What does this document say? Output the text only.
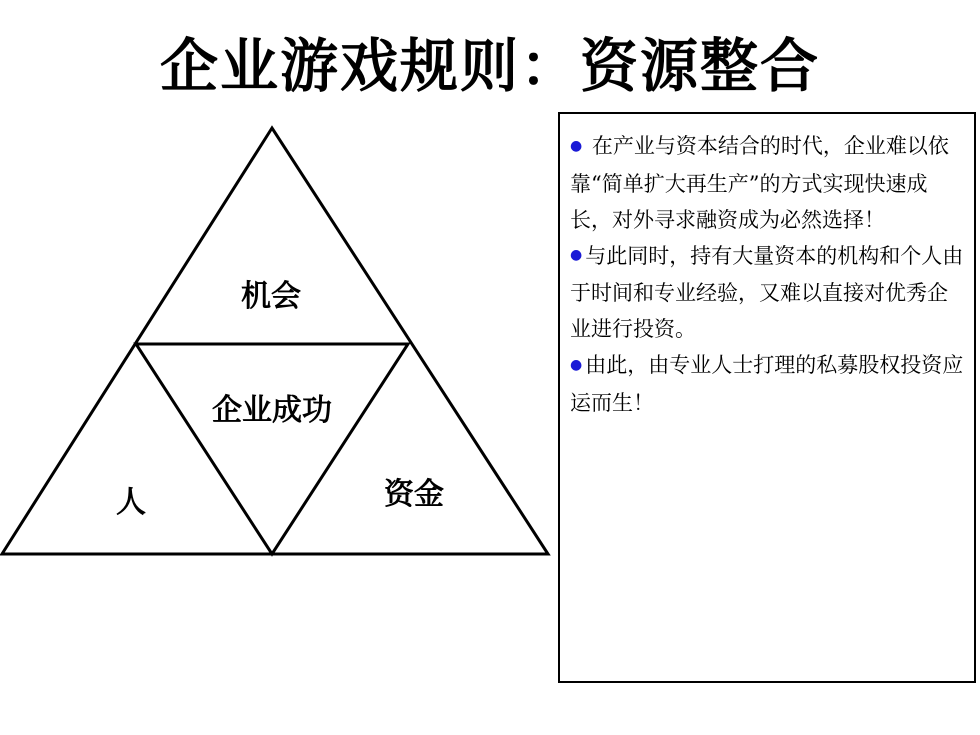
企业游戏规则：资源整合
机会
企业成功
人	资金

● 在产业与资本结合的时代，企业难以依靠“简单扩大再生产”的方式实现快速成长，对外寻求融资成为必然选择！

● 与此同时，持有大量资本的机构和个人由于时间和专业经验，又难以直接对优秀企业进行投资。

● 由此，由专业人士打理的私募股权投资应运而生！
